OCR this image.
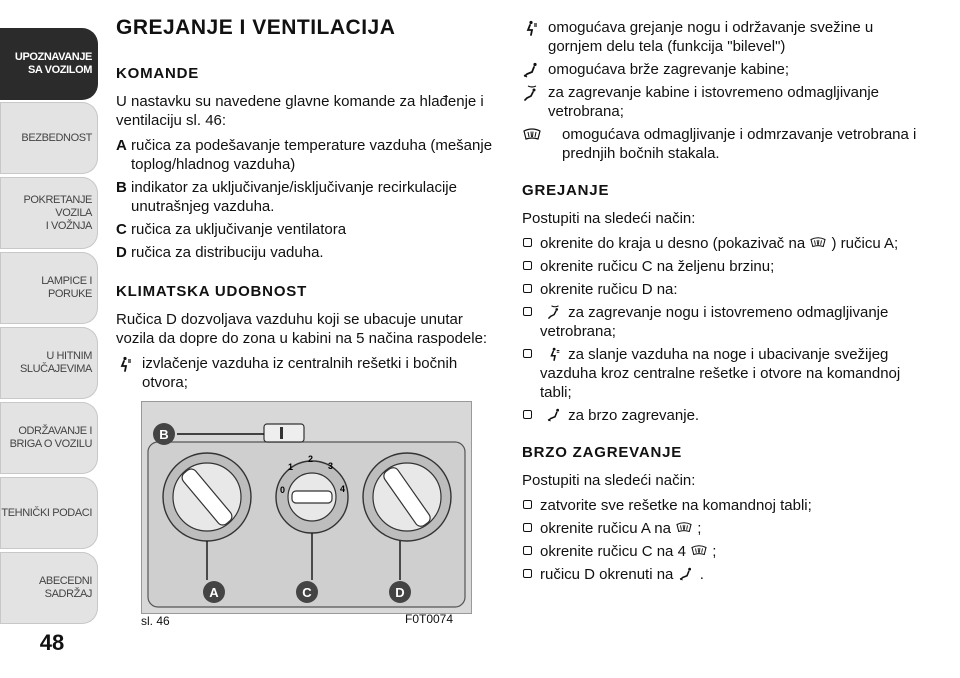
UPOZNAVANJE
SA VOZILOM
BEZBEDNOST
POKRETANJE VOZILA
I VOŽNJA
LAMPICE I PORUKE
U HITNIM
SLUČAJEVIMA
ODRŽAVANJE I
BRIGA O VOZILU
TEHNIČKI PODACI
ABECEDNI SADRŽAJ
48
GREJANJE I VENTILACIJA
KOMANDE

U nastavku su navedene glavne komande za hlađenje i ventilaciju sl. 46:

A ručica za podešavanje temperature vazduha (mešanje toplog/hladnog vazduha)
B indikator za uključivanje/isključivanje recirkulacije unutrašnjeg vazduha.
C ručica za uključivanje ventilatora
D ručica za distribuciju vaduha.
KLIMATSKA UDOBNOST

Ručica D dozvoljava vazduhu koji se ubacuje unutar vozila da dopre do zona u kabini na 5 načina raspodele:

izvlačenje vazduha iz centralnih rešetki i bočnih otvora;
0
1
2
3
4
B
A	C	D
sl. 46	F0T0074
omogućava grejanje nogu i održavanje svežine u gornjem delu tela (funkcija "bilevel")
omogućava brže zagrevanje kabine;
za zagrevanje kabine i istovremeno odmagljivanje vetrobrana;
omogućava odmagljivanje i odmrzavanje vetrobrana i prednjih bočnih stakala.
GREJANJE

Postupiti na sledeći način:

okrenite do kraja u desno (pokazivač na ) ručicu A;
okrenite ručicu C na željenu brzinu;
okrenite ručicu D na:
za zagrevanje nogu i istovremeno odmagljivanje vetrobrana;
za slanje vazduha na noge i ubacivanje svežijeg vazduha kroz centralne rešetke i otvore na komandnoj tabli;
za brzo zagrevanje.
BRZO ZAGREVANJE

Postupiti na sledeći način:

zatvorite sve rešetke na komandnoj tabli;
okrenite ručicu A na ;
okrenite ručicu C na 4 ;
ručicu D okrenuti na .
